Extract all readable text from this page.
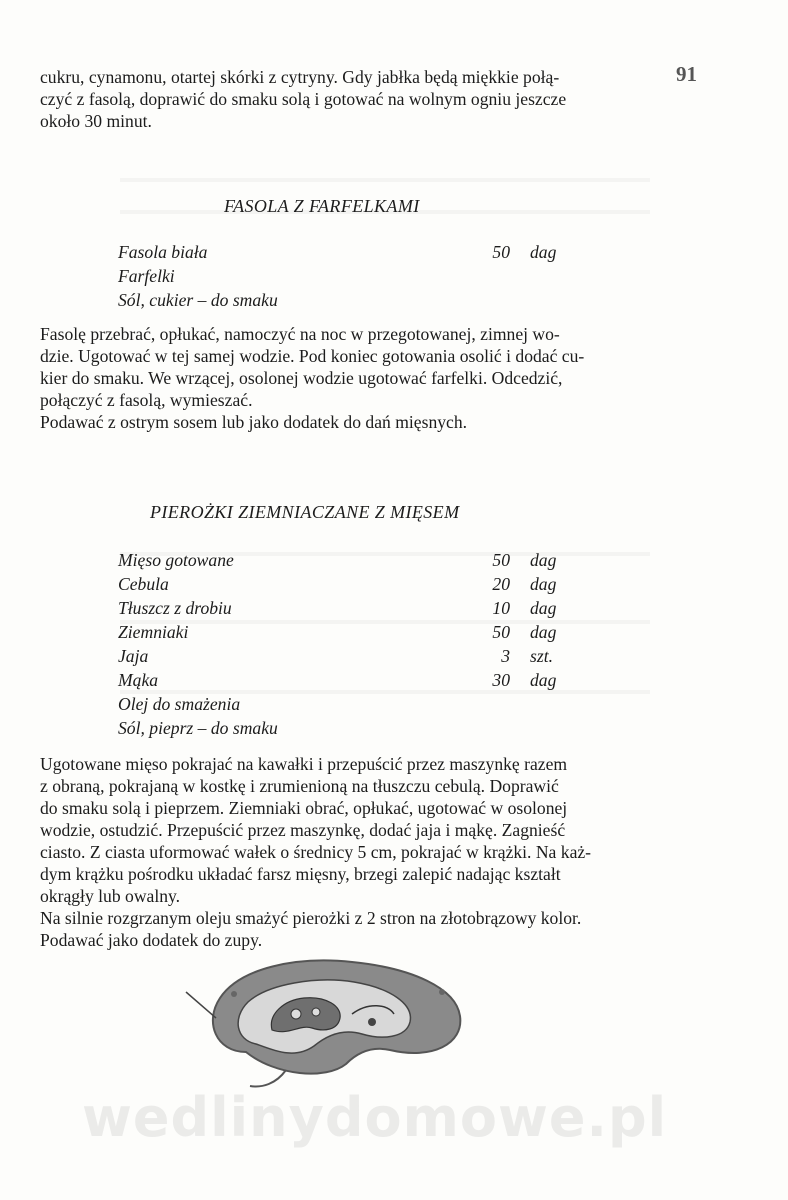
91

cukru, cynamonu, otartej skórki z cytryny. Gdy jabłka będą miękkie połą-
czyć z fasolą, doprawić do smaku solą i gotować na wolnym ogniu jeszcze
około 30 minut.

FASOLA Z FARFELKAMI
Fasola biała	50 dag
Farfelki
Sól, cukier – do smaku

Fasolę przebrać, opłukać, namoczyć na noc w przegotowanej, zimnej wo-
dzie. Ugotować w tej samej wodzie. Pod koniec gotowania osolić i dodać cu-
kier do smaku. We wrzącej, osolonej wodzie ugotować farfelki. Odcedzić,
połączyć z fasolą, wymieszać.
Podawać z ostrym sosem lub jako dodatek do dań mięsnych.

PIEROŻKI ZIEMNIACZANE Z MIĘSEM
Mięso gotowane	50 dag
Cebula	20 dag
Tłuszcz z drobiu	10 dag
Ziemniaki	50 dag
Jaja	3 szt.
Mąka	30 dag
Olej do smażenia
Sól, pieprz – do smaku

Ugotowane mięso pokrajać na kawałki i przepuścić przez maszynkę razem
z obraną, pokrajaną w kostkę i zrumienioną na tłuszczu cebulą. Doprawić
do smaku solą i pieprzem. Ziemniaki obrać, opłukać, ugotować w osolonej
wodzie, ostudzić. Przepuścić przez maszynkę, dodać jaja i mąkę. Zagnieść
ciasto. Z ciasta uformować wałek o średnicy 5 cm, pokrajać w krążki. Na każ-
dym krążku pośrodku układać farsz mięsny, brzegi zalepić nadając kształt
okrągły lub owalny.
Na silnie rozgrzanym oleju smażyć pierożki z 2 stron na złotobrązowy kolor.
Podawać jako dodatek do zupy.

wedlinydomowe.pl
